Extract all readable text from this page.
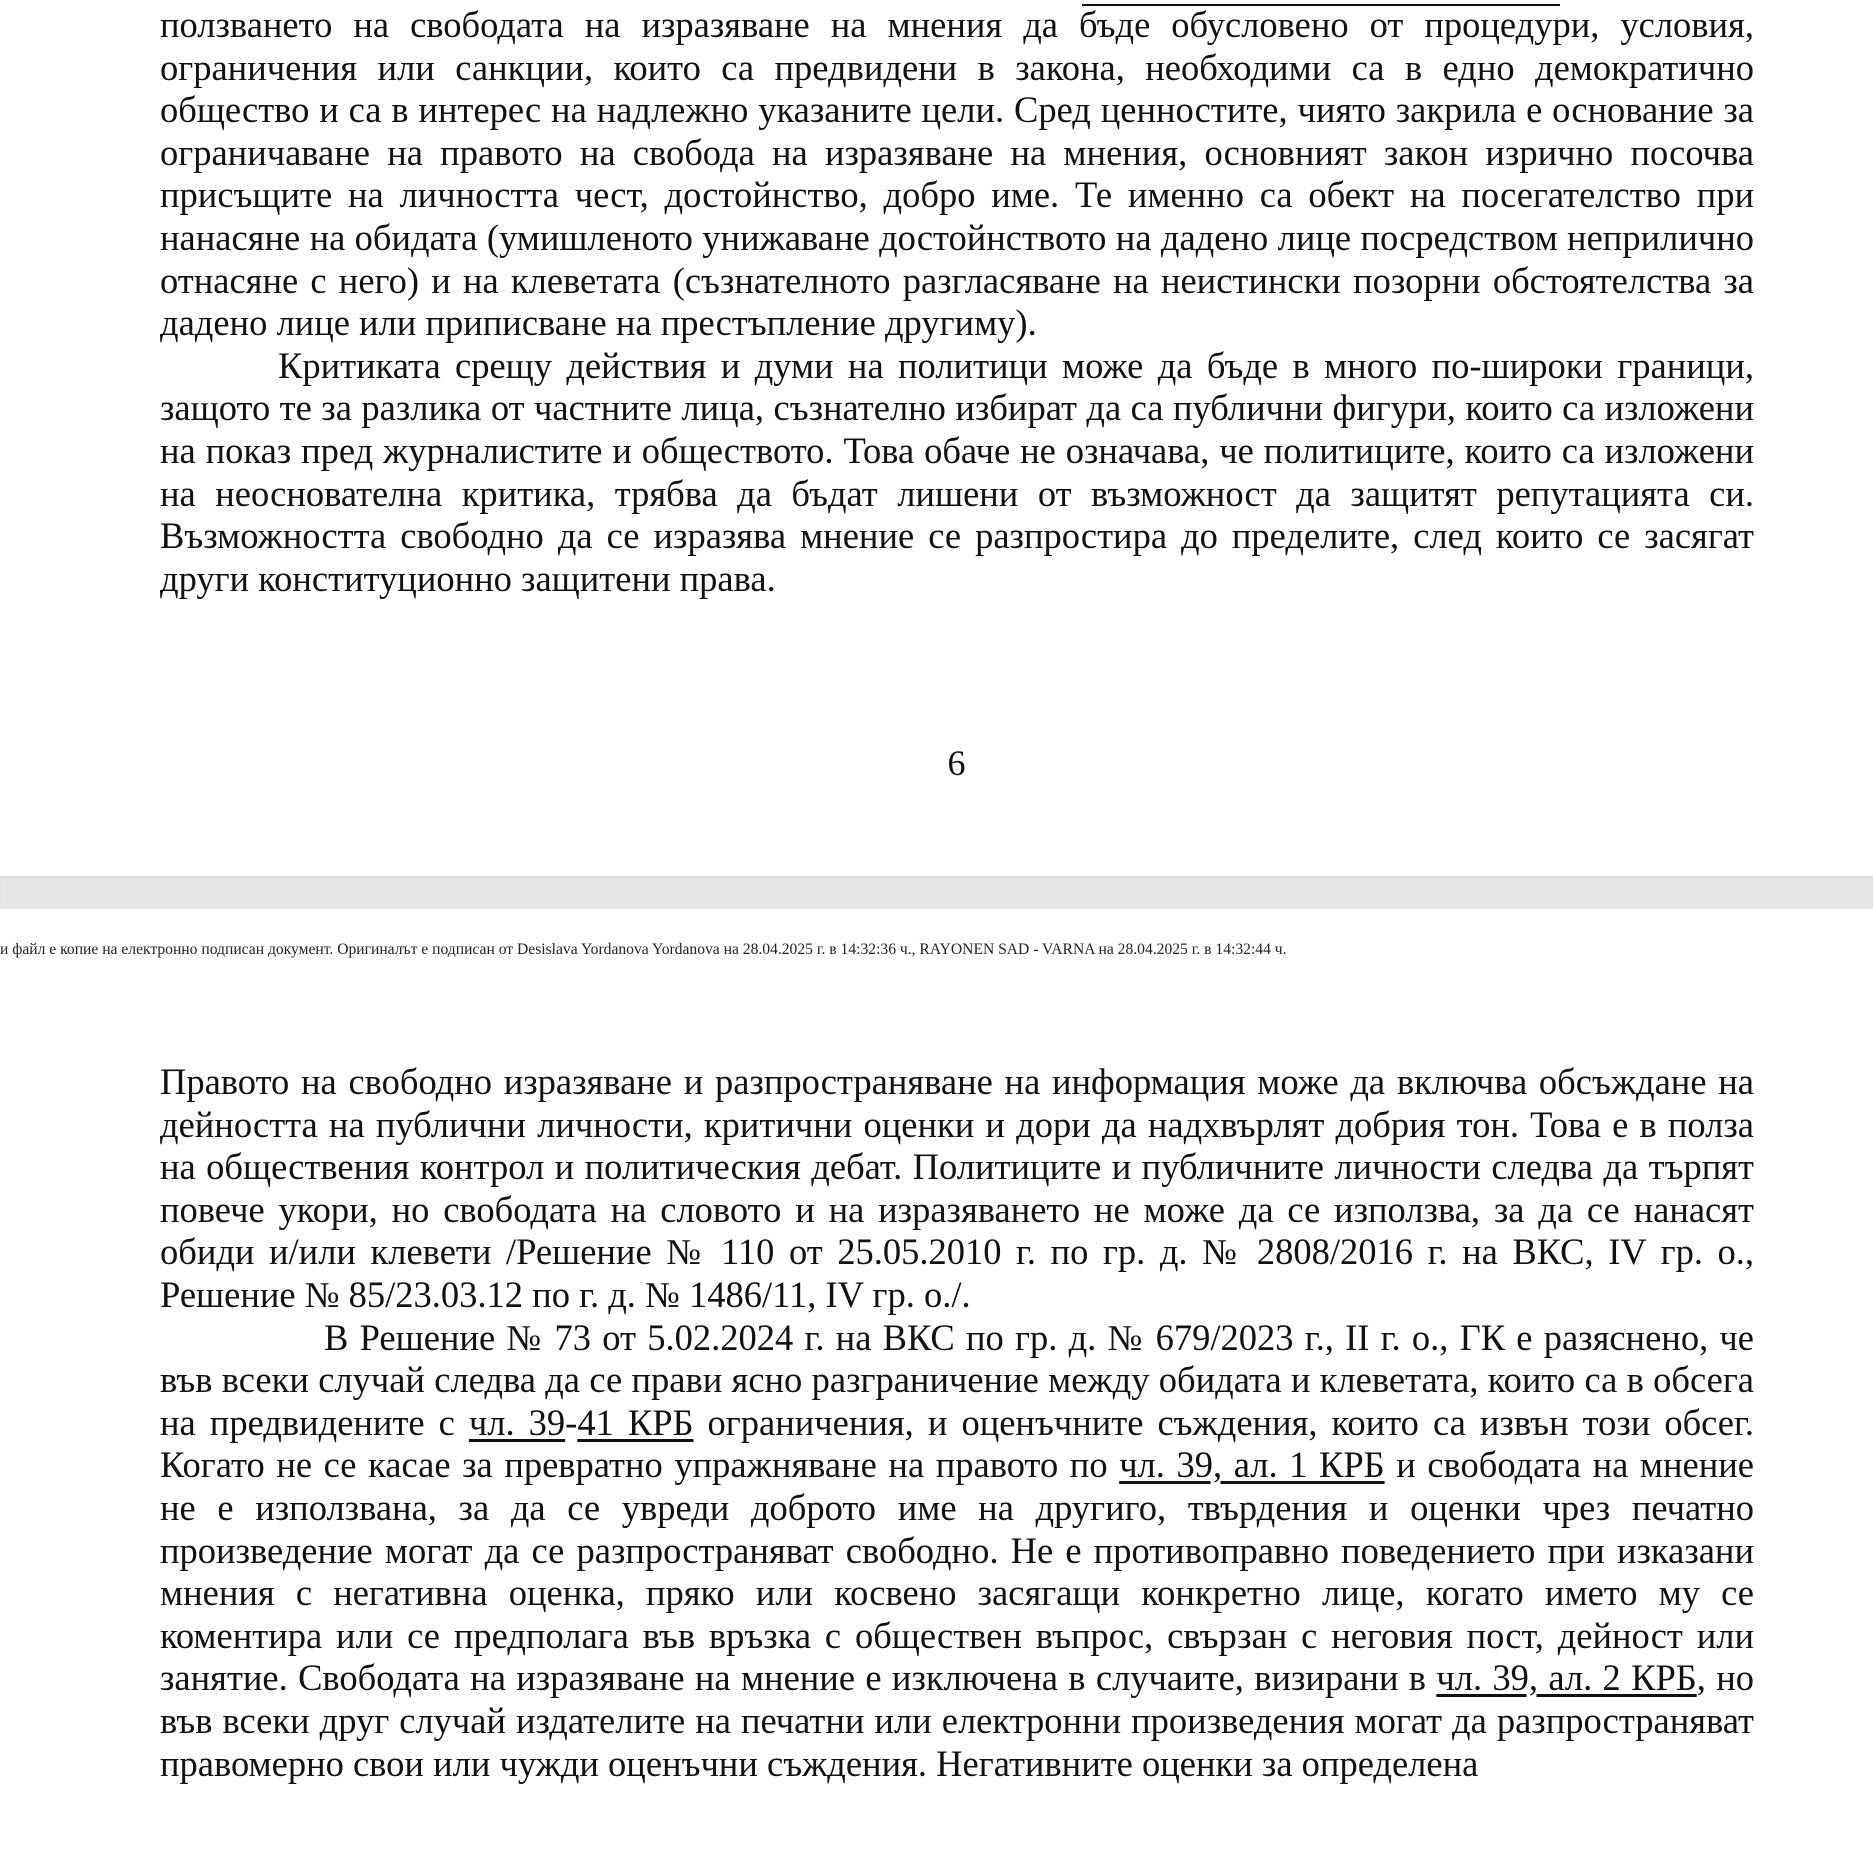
ползването на свободата на изразяване на мнения да бъде обусловено от процедури, условия, ограничения или санкции, които са предвидени в закона, необходими са в едно демократично общество и са в интерес на надлежно указаните цели. Сред ценностите, чиято закрила е основание за ограничаване на правото на свобода на изразяване на мнения, основният закон изрично посочва присъщите на личността чест, достойнство, добро име. Те именно са обект на посегателство при нанасяне на обидата (умишленото унижаване достойнството на дадено лице посредством неприлично отнасяне с него) и на клеветата (съзнателното разгласяване на неистински позорни обстоятелства за дадено лице или приписване на престъпление другиму).

Критиката срещу действия и думи на политици може да бъде в много по-широки граници, защото те за разлика от частните лица, съзнателно избират да са публични фигури, които са изложени на показ пред журналистите и обществото. Това обаче не означава, че политиците, които са изложени на неоснователна критика, трябва да бъдат лишени от възможност да защитят репутацията си. Възможността свободно да се изразява мнение се разпростира до пределите, след които се засягат други конституционно защитени права.

6

Правото на свободно изразяване и разпространяване на информация може да включва обсъждане на дейността на публични личности, критични оценки и дори да надхвърлят добрия тон. Това е в полза на обществения контрол и политическия дебат. Политиците и публичните личности следва да търпят повече укори, но свободата на словото и на изразяването не може да се използва, за да се нанасят обиди и/или клевети /Решение № 110 от 25.05.2010 г. по гр. д. № 2808/2016 г. на ВКС, IV гр. о., Решение № 85/23.03.12 по г. д. № 1486/11, IV гр. о./.

В Решение № 73 от 5.02.2024 г. на ВКС по гр. д. № 679/2023 г., II г. о., ГК е разяснено, че във всеки случай следва да се прави ясно разграничение между обидата и клеветата, които са в обсега на предвидените с чл. 39-41 КРБ ограничения, и оценъчните съждения, които са извън този обсег. Когато не се касае за превратно упражняване на правото по чл. 39, ал. 1 КРБ и свободата на мнение не е използвана, за да се увреди доброто име на другиго, твърдения и оценки чрез печатно произведение могат да се разпространяват свободно. Не е противоправно поведението при изказани мнения с негативна оценка, пряко или косвено засягащи конкретно лице, когато името му се коментира или се предполага във връзка с обществен въпрос, свързан с неговия пост, дейност или занятие. Свободата на изразяване на мнение е изключена в случаите, визирани в чл. 39, ал. 2 КРБ, но във всеки друг случай издателите на печатни или електронни произведения могат да разпространяват правомерно свои или чужди оценъчни съждения. Негативните оценки за определена

и файл е копие на електронно подписан документ. Оригиналът е подписан от Desislava Yordanova Yordanova на 28.04.2025 г. в 14:32:36 ч., RAYONEN SAD - VARNA на 28.04.2025 г. в 14:32:44 ч.
